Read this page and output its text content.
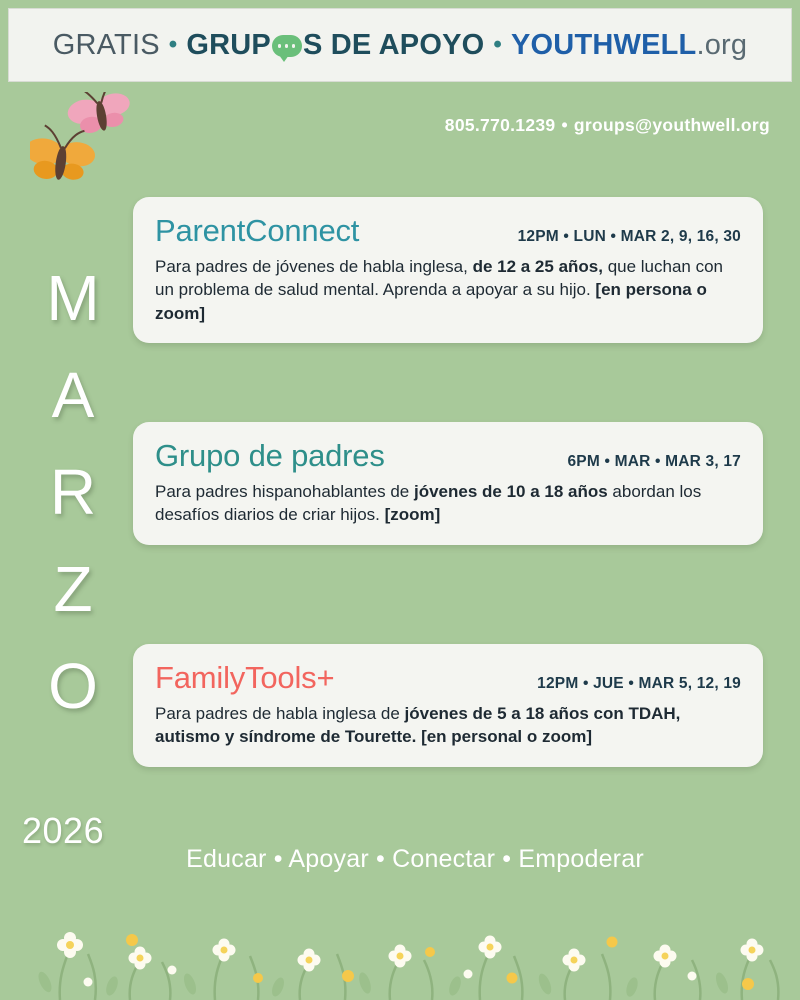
GRATIS • GRUP S DE APOYO • YOUTHWELL .org
805.770.1239 • groups@youthwell.org
M
A
R
Z
O
2026
ParentConnect	12PM • LUN • MAR 2, 9, 16, 30
Para padres de jóvenes de habla inglesa, de 12 a 25 años, que luchan con un problema de salud mental. Aprenda a apoyar a su hijo. [en persona o zoom]
Grupo de padres	6PM • MAR • MAR 3, 17
Para padres hispanohablantes de jóvenes de 10 a 18 años abordan los desafíos diarios de criar hijos. [zoom]
FamilyTools+	12PM • JUE • MAR 5, 12, 19
Para padres de habla inglesa de jóvenes de 5 a 18 años con TDAH, autismo y síndrome de Tourette. [en personal o zoom]
Educar • Apoyar • Conectar • Empoderar
